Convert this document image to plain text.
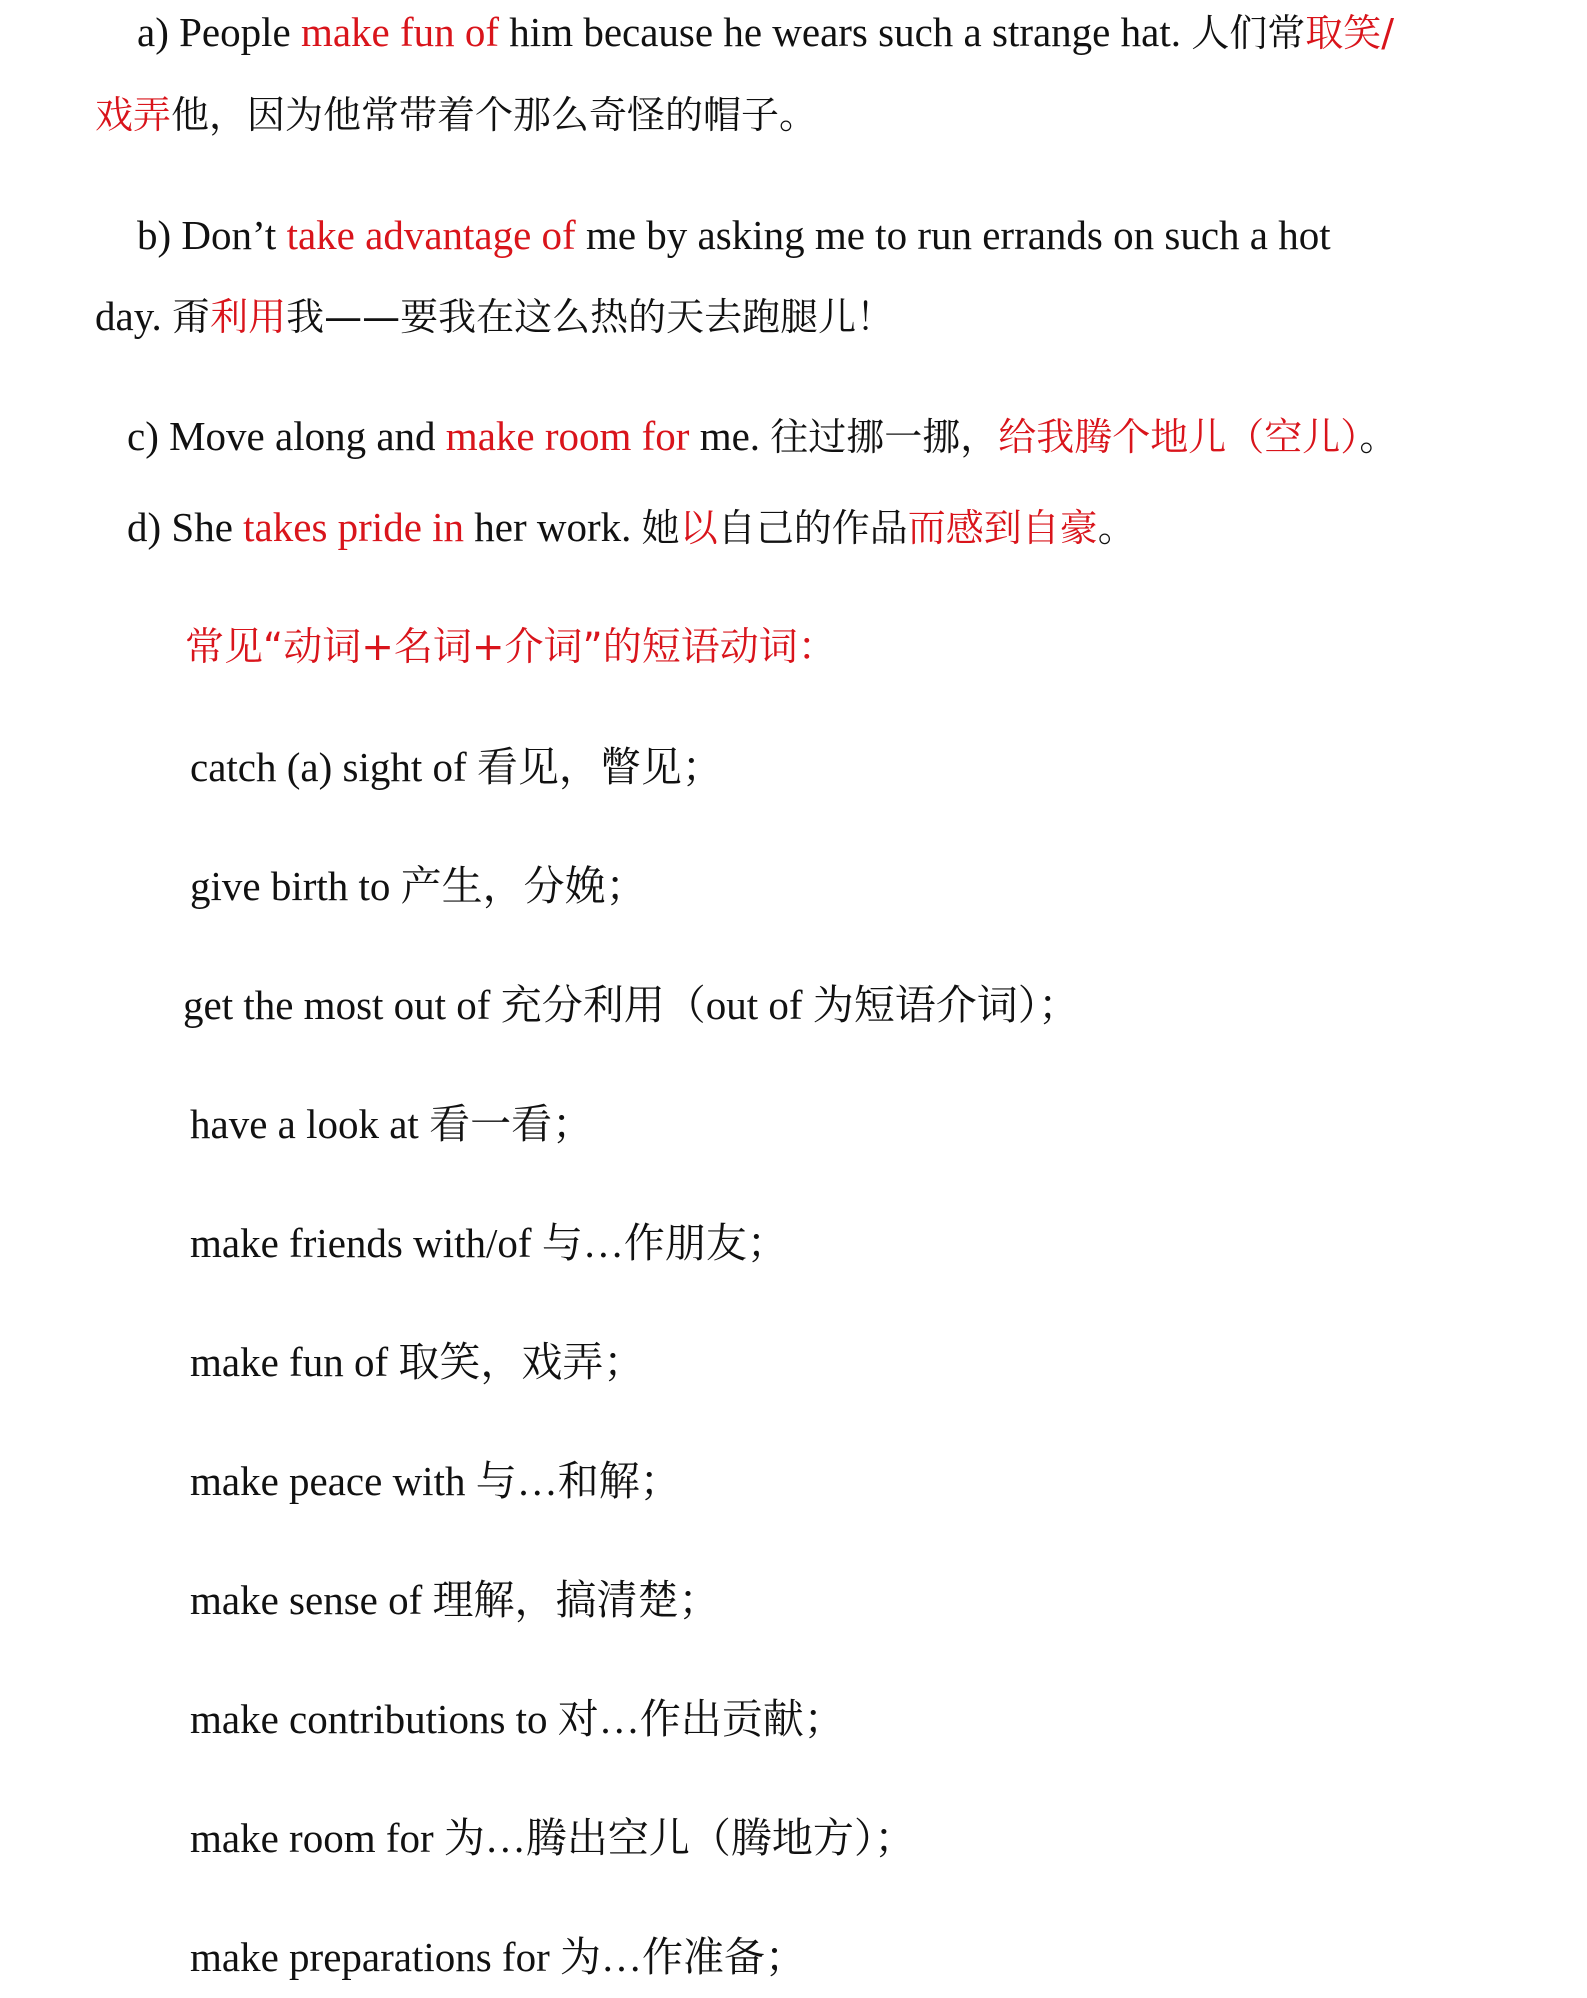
a) People make fun of him because he wears such a strange hat. 人们常取笑/
戏弄他，因为他常带着个那么奇怪的帽子。
b) Don’t take advantage of me by asking me to run errands on such a hot
day. 甭利用我——要我在这么热的天去跑腿儿！
c) Move along and make room for me. 往过挪一挪，给我腾个地儿（空儿）。
d) She takes pride in her work. 她以自己的作品而感到自豪。
常见“动词+名词+介词”的短语动词：
catch (a) sight of 看见，瞥见；
give birth to 产生，分娩；
get the most out of 充分利用（out of 为短语介词）；
have a look at 看一看；
make friends with/of 与…作朋友；
make fun of 取笑，戏弄；
make peace with 与…和解；
make sense of 理解，搞清楚；
make contributions to 对…作出贡献；
make room for 为…腾出空儿（腾地方）；
make preparations for 为…作准备；
